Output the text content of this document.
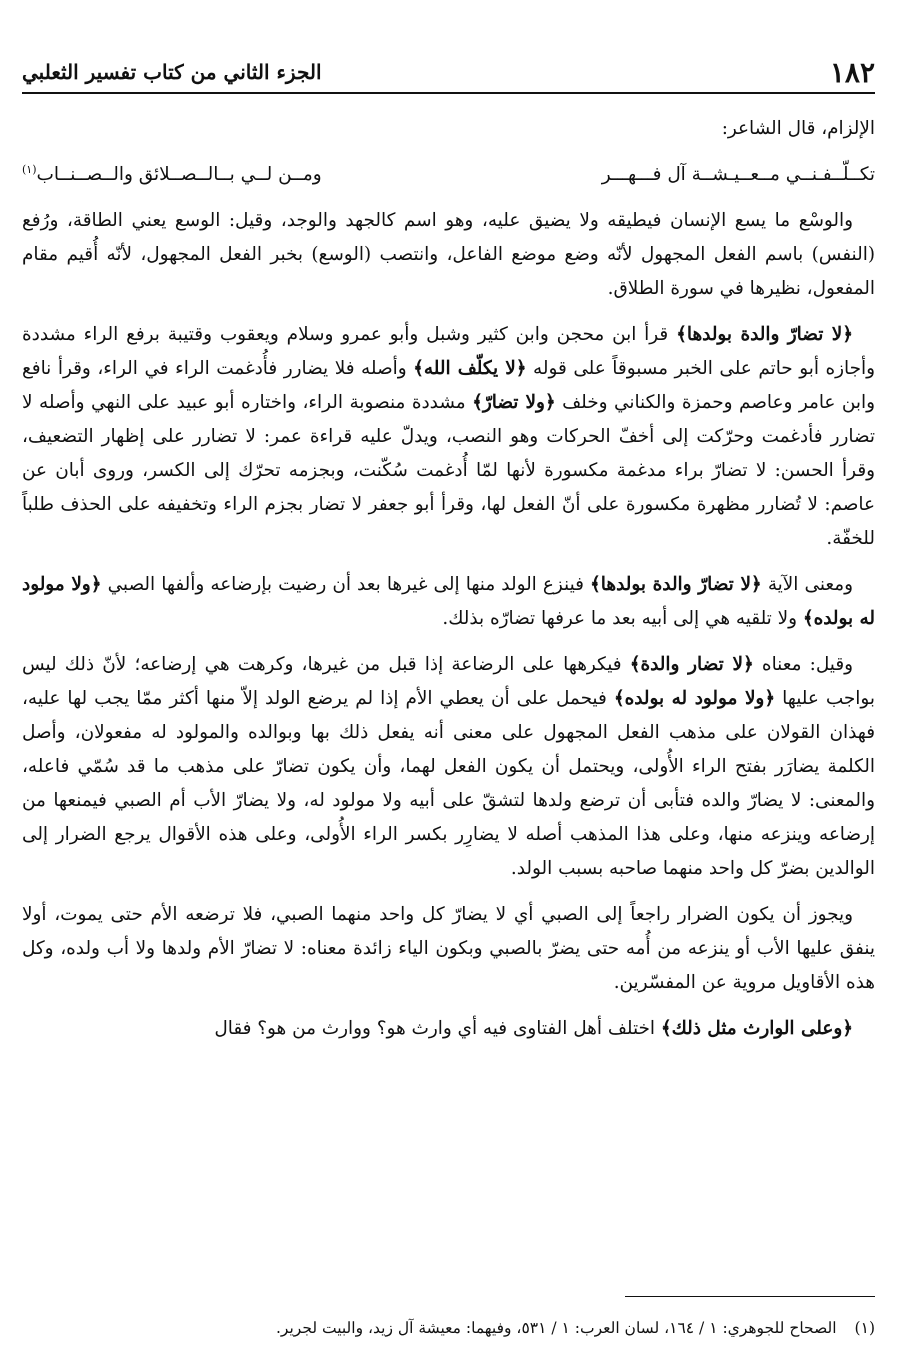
١٨٢
الجزء الثاني من كتاب تفسير الثعلبي

الإلزام، قال الشاعر:

تكــلّــفـنــي مــعــيـشــة آل فـــهـــر
ومــن لــي بــالــصــلائق والــصــنــاب$^{(١)}$

والوسْع ما يسع الإنسان فيطيقه ولا يضيق عليه، وهو اسم كالجهد والوجد، وقيل: الوسع يعني الطاقة، ورُفع (النفس) باسم الفعل المجهول لأنّه وضع موضع الفاعل، وانتصب (الوسع) بخبر الفعل المجهول، لأنّه أُقيم مقام المفعول، نظيرها في سورة الطلاق.

﴿لا تضارّ والدة بولدها﴾ قرأ ابن محجن وابن كثير وشبل وأبو عمرو وسلام ويعقوب وقتيبة برفع الراء مشددة وأجازه أبو حاتم على الخبر مسبوقاً على قوله ﴿لا يكلّف الله﴾ وأصله فلا يضارر فأُدغمت الراء في الراء، وقرأ نافع وابن عامر وعاصم وحمزة والكناني وخلف ﴿ولا تضارّ﴾ مشددة منصوبة الراء، واختاره أبو عبيد على النهي وأصله لا تضارر فأدغمت وحرّكت إلى أخفّ الحركات وهو النصب، ويدلّ عليه قراءة عمر: لا تضارر على إظهار التضعيف، وقرأ الحسن: لا تضارّ براء مدغمة مكسورة لأنها لمّا أُدغمت سُكّنت، وبجزمه تحرّك إلى الكسر، وروى أبان عن عاصم: لا تُضارر مظهرة مكسورة على أنّ الفعل لها، وقرأ أبو جعفر لا تضار بجزم الراء وتخفيفه على الحذف طلباً للخفّة.

ومعنى الآية ﴿لا تضارّ والدة بولدها﴾ فينزع الولد منها إلى غيرها بعد أن رضيت بإرضاعه وألفها الصبي ﴿ولا مولود له بولده﴾ ولا تلقيه هي إلى أبيه بعد ما عرفها تضارّه بذلك.

وقيل: معناه ﴿لا تضار والدة﴾ فيكرهها على الرضاعة إذا قبل من غيرها، وكرهت هي إرضاعه؛ لأنّ ذلك ليس بواجب عليها ﴿ولا مولود له بولده﴾ فيحمل على أن يعطي الأم إذا لم يرضع الولد إلاّ منها أكثر ممّا يجب لها عليه، فهذان القولان على مذهب الفعل المجهول على معنى أنه يفعل ذلك بها وبوالده والمولود له مفعولان، وأصل الكلمة يضارَر بفتح الراء الأُولى، ويحتمل أن يكون الفعل لهما، وأن يكون تضارّ على مذهب ما قد سُمّي فاعله، والمعنى: لا يضارّ والده فتأبى أن ترضع ولدها لتشقّ على أبيه ولا مولود له، ولا يضارّ الأب أم الصبي فيمنعها من إرضاعه وينزعه منها، وعلى هذا المذهب أصله لا يضارِر بكسر الراء الأُولى، وعلى هذه الأقوال يرجع الضرار إلى الوالدين بضرّ كل واحد منهما صاحبه بسبب الولد.

ويجوز أن يكون الضرار راجعاً إلى الصبي أي لا يضارّ كل واحد منهما الصبي، فلا ترضعه الأم حتى يموت، أولا ينفق عليها الأب أو ينزعه من أُمه حتى يضرّ بالصبي وبكون الياء زائدة معناه: لا تضارّ الأم ولدها ولا أب ولده، وكل هذه الأقاويل مروية عن المفسّرين.

﴿وعلى الوارث مثل ذلك﴾ اختلف أهل الفتاوى فيه أي وارث هو؟ ووارث من هو؟ فقال

(١)الصحاح للجوهري: ١ / ١٦٤، لسان العرب: ١ / ٥٣١، وفيهما: معيشة آل زيد، والبيت لجرير.
